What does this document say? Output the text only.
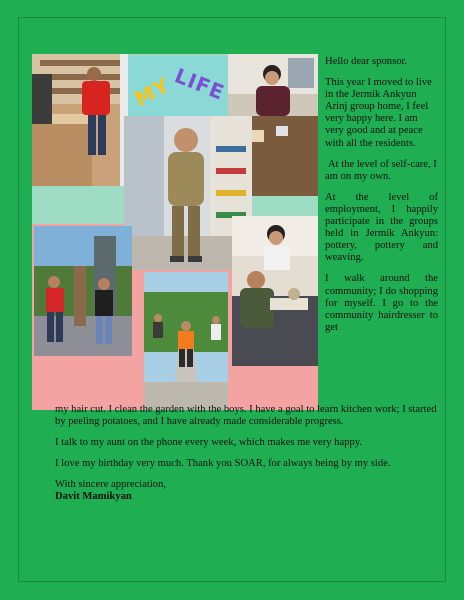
MY
LIFE

Hello dear sponsor.

This year I moved to live in the Jermik Ankyun Arinj group home, I feel very happy here. I am very good and at peace with all the residents.

At the level of self-care, I am on my own.

At the level of employment, I happily participate in the groups held in Jermik Ankyun: pottery, pottery and weaving.

I walk around the community; I do shopping for myself. I go to the community hairdresser to get

my hair cut. I clean the garden with the boys. I have a goal to learn kitchen work; I started by peeling potatoes, and I have already made considerable progress.

I talk to my aunt on the phone every week, which makes me very happy.

I love my birthday very much. Thank you SOAR, for always being by my side.

With sincere appreciation,
Davit Mamikyan
